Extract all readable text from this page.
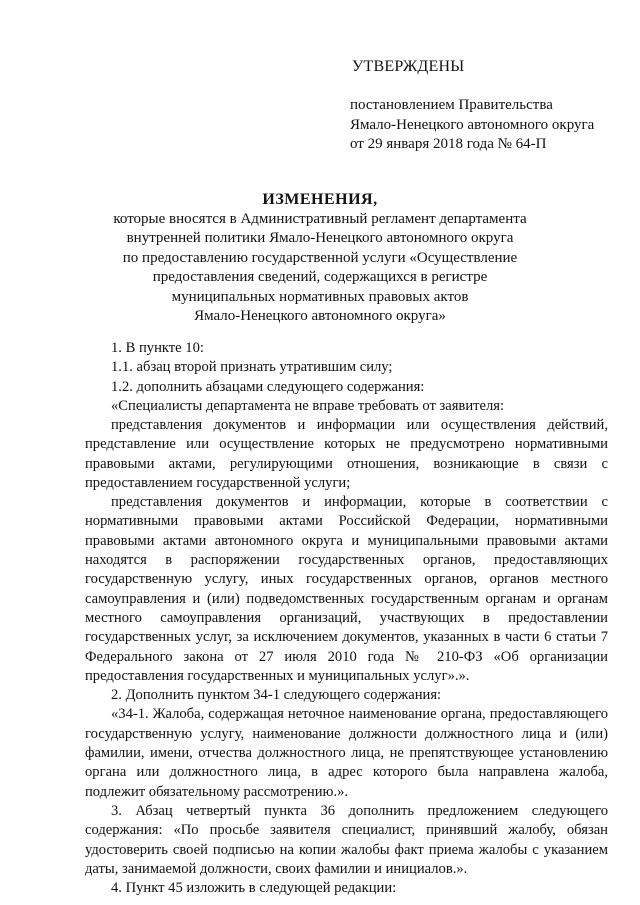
УТВЕРЖДЕНЫ
постановлением Правительства
Ямало-Ненецкого автономного округа
от 29 января 2018 года № 64-П
ИЗМЕНЕНИЯ,
которые вносятся в Административный регламент департамента
внутренней политики Ямало-Ненецкого автономного округа
по предоставлению государственной услуги «Осуществление
предоставления сведений, содержащихся в регистре
муниципальных нормативных правовых актов
Ямало-Ненецкого автономного округа»

1. В пункте 10:

1.1. абзац второй признать утратившим силу;

1.2. дополнить абзацами следующего содержания:

«Специалисты департамента не вправе требовать от заявителя:

представления документов и информации или осуществления действий, представление или осуществление которых не предусмотрено нормативными правовыми актами, регулирующими отношения, возникающие в связи с предоставлением государственной услуги;

представления документов и информации, которые в соответствии с нормативными правовыми актами Российской Федерации, нормативными правовыми актами автономного округа и муниципальными правовыми актами находятся в распоряжении государственных органов, предоставляющих государственную услугу, иных государственных органов, органов местного самоуправления и (или) подведомственных государственным органам и органам местного самоуправления организаций, участвующих в предоставлении государственных услуг, за исключением документов, указанных в части 6 статьи 7 Федерального закона от 27 июля 2010 года № 210-ФЗ «Об организации предоставления государственных и муниципальных услуг».».

2. Дополнить пунктом 34-1 следующего содержания:

«34-1. Жалоба, содержащая неточное наименование органа, предоставляющего государственную услугу, наименование должности должностного лица и (или) фамилии, имени, отчества должностного лица, не препятствующее установлению органа или должностного лица, в адрес которого была направлена жалоба, подлежит обязательному рассмотрению.».

3. Абзац четвертый пункта 36 дополнить предложением следующего содержания: «По просьбе заявителя специалист, принявший жалобу, обязан удостоверить своей подписью на копии жалобы факт приема жалобы с указанием даты, занимаемой должности, своих фамилии и инициалов.».

4. Пункт 45 изложить в следующей редакции:
